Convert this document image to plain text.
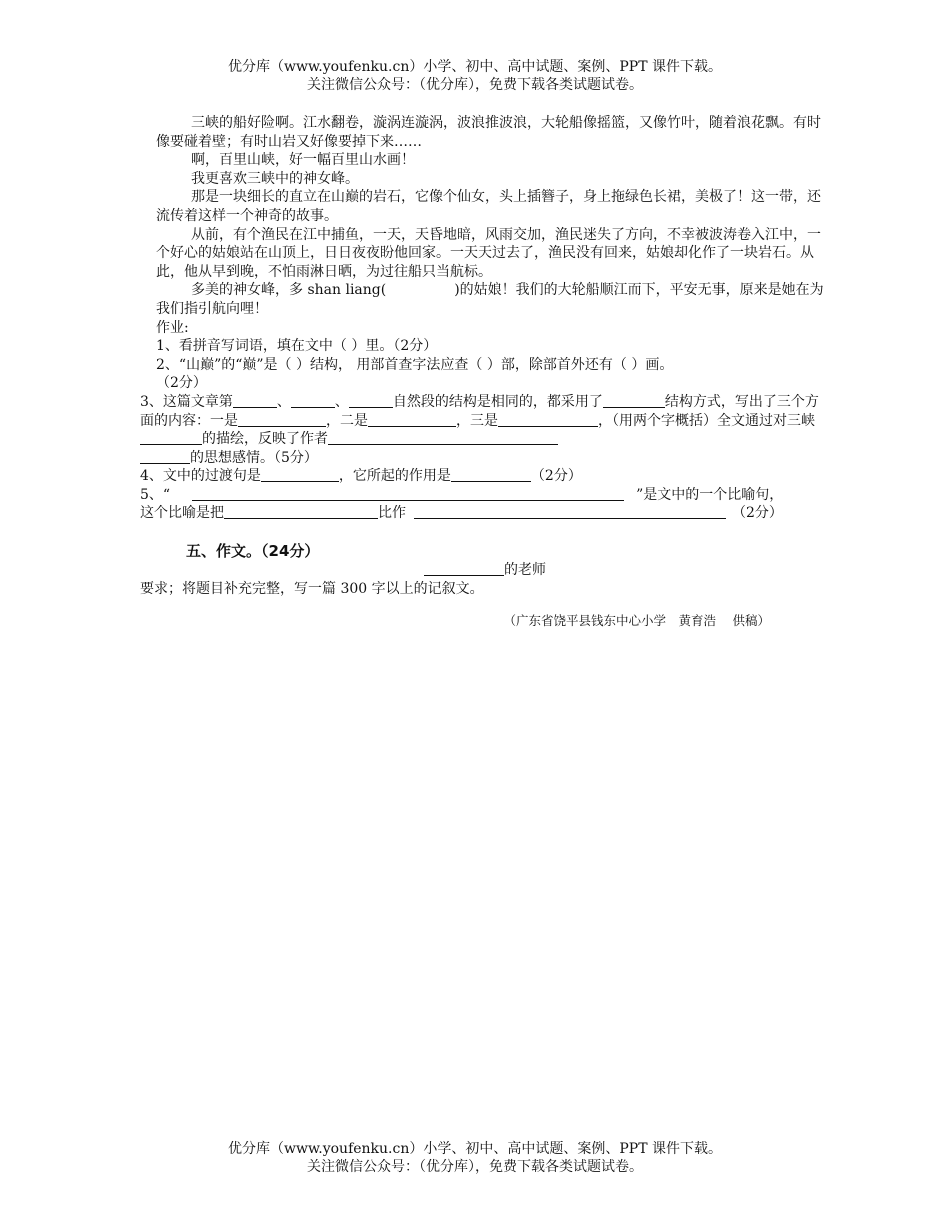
优分库（www.youfenku.cn）小学、初中、高中试题、案例、PPT 课件下载。
关注微信公众号：（优分库），免费下载各类试题试卷。

三峡的船好险啊。江水翻卷，漩涡连漩涡，波浪推波浪，大轮船像摇篮，又像竹叶，随着浪花飘。有时像要碰着壁；有时山岩又好像要掉下来……

啊，百里山峡，好一幅百里山水画！

我更喜欢三峡中的神女峰。

那是一块细长的直立在山巅的岩石，它像个仙女，头上插簪子，身上拖绿色长裙，美极了！这一带，还流传着这样一个神奇的故事。

从前，有个渔民在江中捕鱼，一天，天昏地暗，风雨交加，渔民迷失了方向，不幸被波涛卷入江中，一个好心的姑娘站在山顶上，日日夜夜盼他回家。一天天过去了，渔民没有回来，姑娘却化作了一块岩石。从此，他从早到晚，不怕雨淋日晒，为过往船只当航标。

多美的神女峰，多 shan liang(	)的姑娘！我们的大轮船顺江而下，平安无事，原来是她在为我们指引航向哩！

作业:

1、看拼音写词语，填在文中（ ）里。（2分）

2、“山巅”的“巅”是（ ）结构， 用部首查字法应查（ ）部，除部首外还有（ ）画。
（2分）

3、这篇文章第	、	、	自然段的结构是相同的，都采用了	结构方式，写出了三个方面的内容：一是	，二是	，三是	，（用两个字概括）全文通过对三峡的描绘，反映了作者
的思想感情。（5分）

4、文中的过渡句是	，它所起的作用是	（2分）

5、“	”是文中的一个比喻句，
这个比喻是把	比作	（2分）

五、作文。（24分）

的老师

要求；将题目补充完整，写一篇 300 字以上的记叙文。

（广东省饶平县钱东中心小学　黄育浩　 供稿）

优分库（www.youfenku.cn）小学、初中、高中试题、案例、PPT 课件下载。
关注微信公众号：（优分库），免费下载各类试题试卷。
